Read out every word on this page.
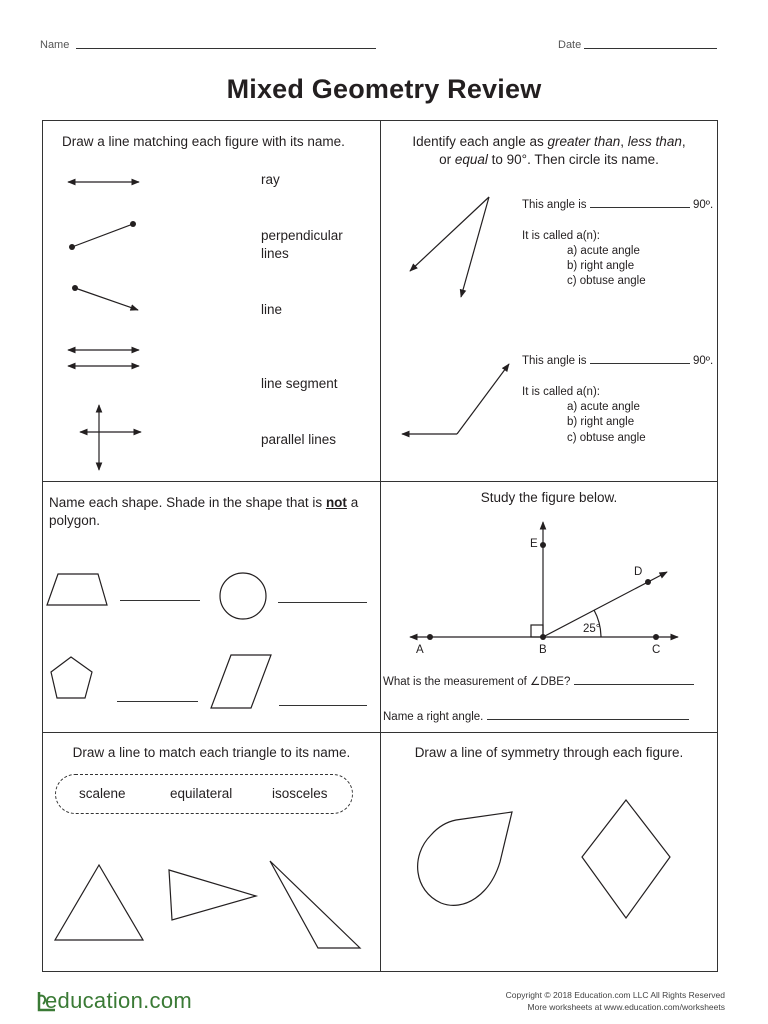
Name	Date
Mixed Geometry Review
Draw a line matching each figure with its name.
ray
perpendicular lines
line
line segment
parallel lines
Identify each angle as greater than, less than,
or equal to 90°. Then circle its name.
This angle is	90º.
It is called a(n):
a) acute angle
b) right angle
c) obtuse angle
This angle is	90º.
It is called a(n):
a) acute angle
b) right angle
c) obtuse angle
Name each shape. Shade in the shape that is not a
polygon.
Study the figure below.
E
D
A	B	C
25°
What is the measurement of ∠DBE?
Name a right angle.
Draw a line to match each triangle to its name.
scalene	equilateral	isosceles
Draw a line of symmetry through each figure.
education.com	Copyright © 2018 Education.com LLC All Rights Reserved
More worksheets at www.education.com/worksheets
